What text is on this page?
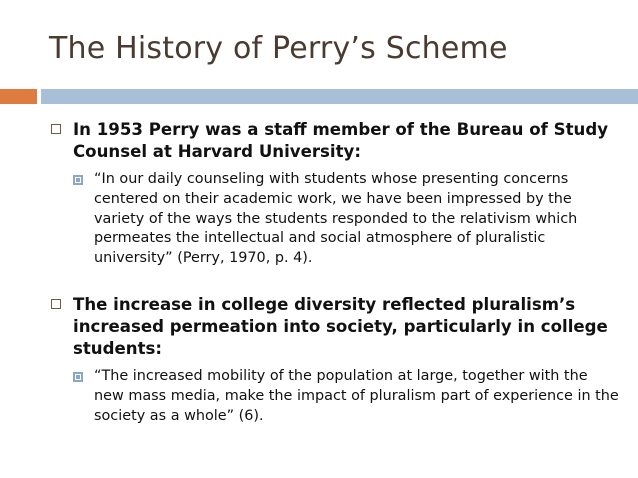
The History of Perry’s Scheme
In 1953 Perry was a staff member of the Bureau of Study Counsel at Harvard University:
“In our daily counseling with students whose presenting concerns centered on their academic work, we have been impressed by the variety of the ways the students responded to the relativism which permeates the intellectual and social atmosphere of pluralistic university” (Perry, 1970, p. 4).
The increase in college diversity reflected pluralism’s increased permeation into society, particularly in college students:
“The increased mobility of the population at large, together with the new mass media, make the impact of pluralism part of experience in the society as a whole” (6).
